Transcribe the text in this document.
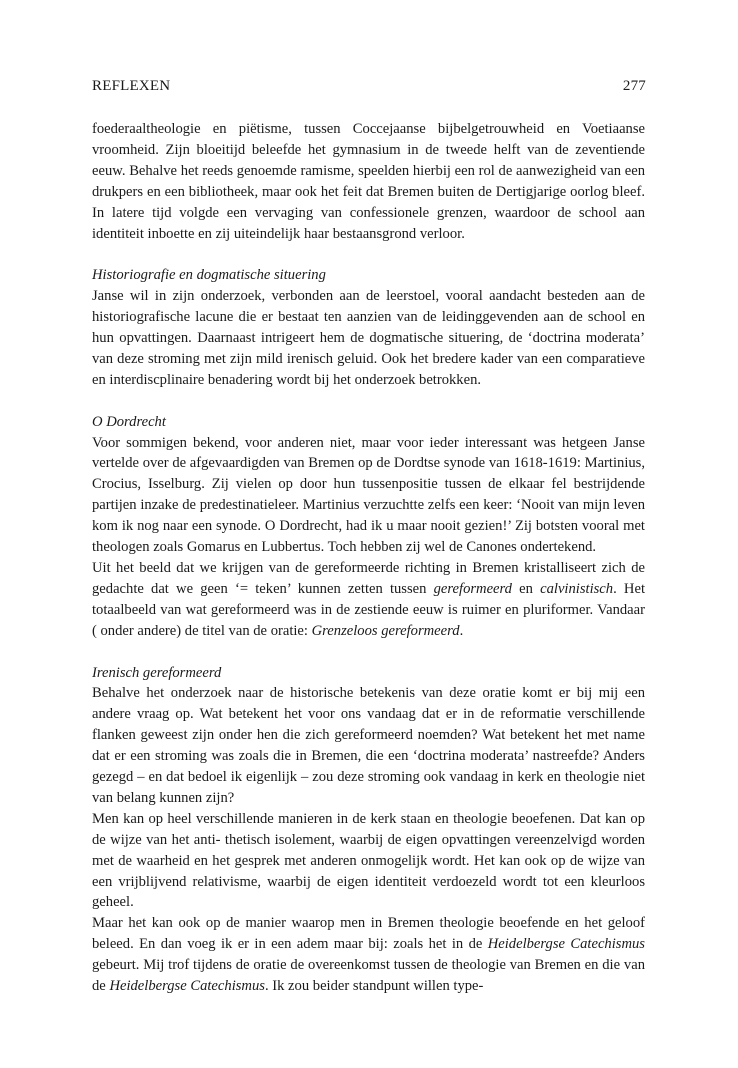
REFLEXEN	277

foederaaltheologie en piëtisme, tussen Coccejaanse bijbelgetrouwheid en Voetiaanse vroomheid. Zijn bloeitijd beleefde het gymnasium in de tweede helft van de zeventiende eeuw. Behalve het reeds genoemde ramisme, speelden hierbij een rol de aanwezigheid van een drukpers en een bibliotheek, maar ook het feit dat Bremen buiten de Dertigjarige oorlog bleef. In latere tijd volgde een vervaging van confessionele grenzen, waardoor de school aan identiteit inboette en zij uiteindelijk haar bestaansgrond verloor.

Historiografie en dogmatische situering

Janse wil in zijn onderzoek, verbonden aan de leerstoel, vooral aandacht besteden aan de historiografische lacune die er bestaat ten aanzien van de leidinggevenden aan de school en hun opvattingen. Daarnaast intrigeert hem de dogmatische situering, de ‘doctrina moderata’ van deze stroming met zijn mild irenisch geluid. Ook het bredere kader van een comparatieve en interdiscplinaire benadering wordt bij het onderzoek betrokken.

O Dordrecht

Voor sommigen bekend, voor anderen niet, maar voor ieder interessant was hetgeen Janse vertelde over de afgevaardigden van Bremen op de Dordtse synode van 1618-1619: Martinius, Crocius, Isselburg. Zij vielen op door hun tussenpositie tussen de elkaar fel bestrijdende partijen inzake de predestinatieleer. Martinius verzuchtte zelfs een keer: ‘Nooit van mijn leven kom ik nog naar een synode. O Dordrecht, had ik u maar nooit gezien!’ Zij botsten vooral met theologen zoals Gomarus en Lubbertus. Toch hebben zij wel de Canones ondertekend.

Uit het beeld dat we krijgen van de gereformeerde richting in Bremen kristalliseert zich de gedachte dat we geen ‘= teken’ kunnen zetten tussen gereformeerd en calvinistisch. Het totaalbeeld van wat gereformeerd was in de zestiende eeuw is ruimer en pluriformer. Vandaar ( onder andere) de titel van de oratie: Grenzeloos gereformeerd.

Irenisch gereformeerd

Behalve het onderzoek naar de historische betekenis van deze oratie komt er bij mij een andere vraag op. Wat betekent het voor ons vandaag dat er in de reformatie verschillende flanken geweest zijn onder hen die zich gereformeerd noemden? Wat betekent het met name dat er een stroming was zoals die in Bremen, die een ‘doctrina moderata’ nastreefde? Anders gezegd – en dat bedoel ik eigenlijk – zou deze stroming ook vandaag in kerk en theologie niet van belang kunnen zijn?

Men kan op heel verschillende manieren in de kerk staan en theologie beoefenen. Dat kan op de wijze van het anti- thetisch isolement, waarbij de eigen opvattingen vereenzelvigd worden met de waarheid en het gesprek met anderen onmogelijk wordt. Het kan ook op de wijze van een vrijblijvend relativisme, waarbij de eigen identiteit verdoezeld wordt tot een kleurloos geheel.

Maar het kan ook op de manier waarop men in Bremen theologie beoefende en het geloof beleed. En dan voeg ik er in een adem maar bij: zoals het in de Heidelbergse Catechismus gebeurt. Mij trof tijdens de oratie de overeenkomst tussen de theologie van Bremen en die van de Heidelbergse Catechismus. Ik zou beider standpunt willen type-
